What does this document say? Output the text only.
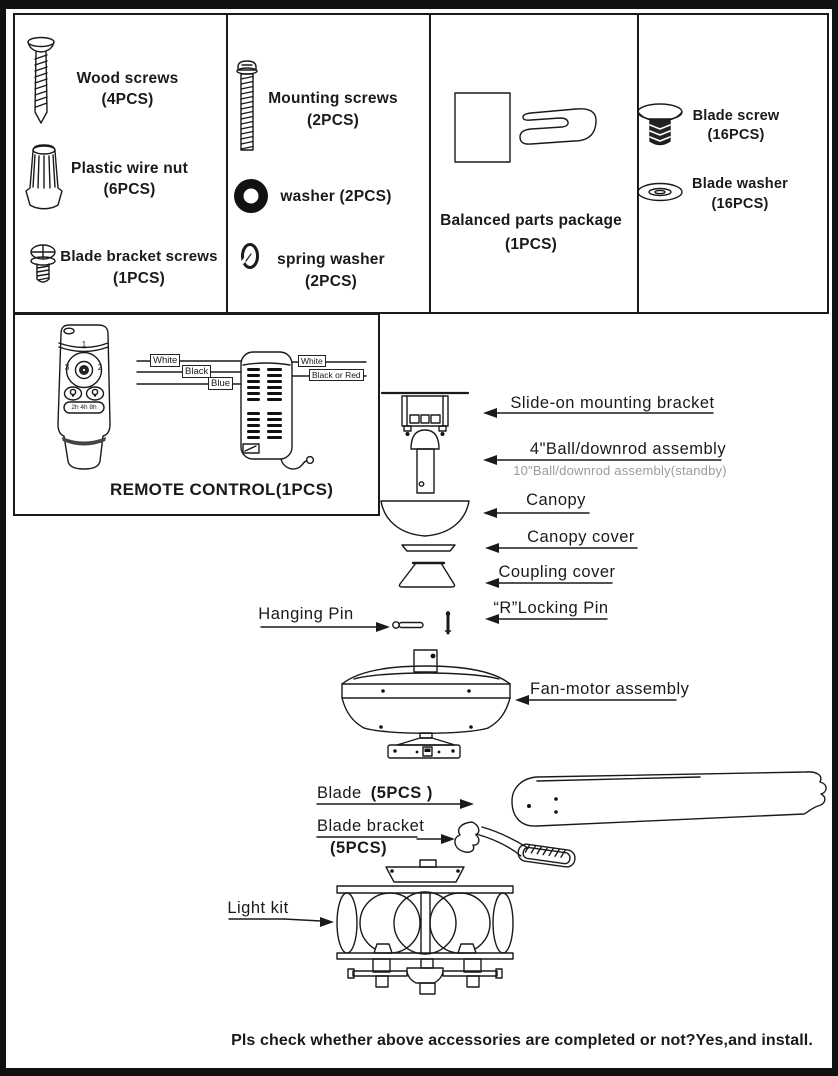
Wood screws
(4PCS)
Plastic wire nut
(6PCS)
Blade bracket screws
(1PCS)
Mounting screws
(2PCS)
washer (2PCS)
spring washer
(2PCS)
Balanced parts package
(1PCS)
Blade screw
(16PCS)
Blade washer
(16PCS)
1
3	2
2h 4h 8h
White
Black
Blue
White
Black or Red
REMOTE CONTROL(1PCS)
Slide-on mounting bracket
4"Ball/downrod assembly
10"Ball/downrod assembly(standby)
Canopy
Canopy cover
Coupling cover
“R”Locking Pin
Hanging Pin
Fan-motor assembly
Blade (5PCS )
Blade bracket
(5PCS)
Light kit
Pls check whether above accessories are completed or not?Yes,and install.
